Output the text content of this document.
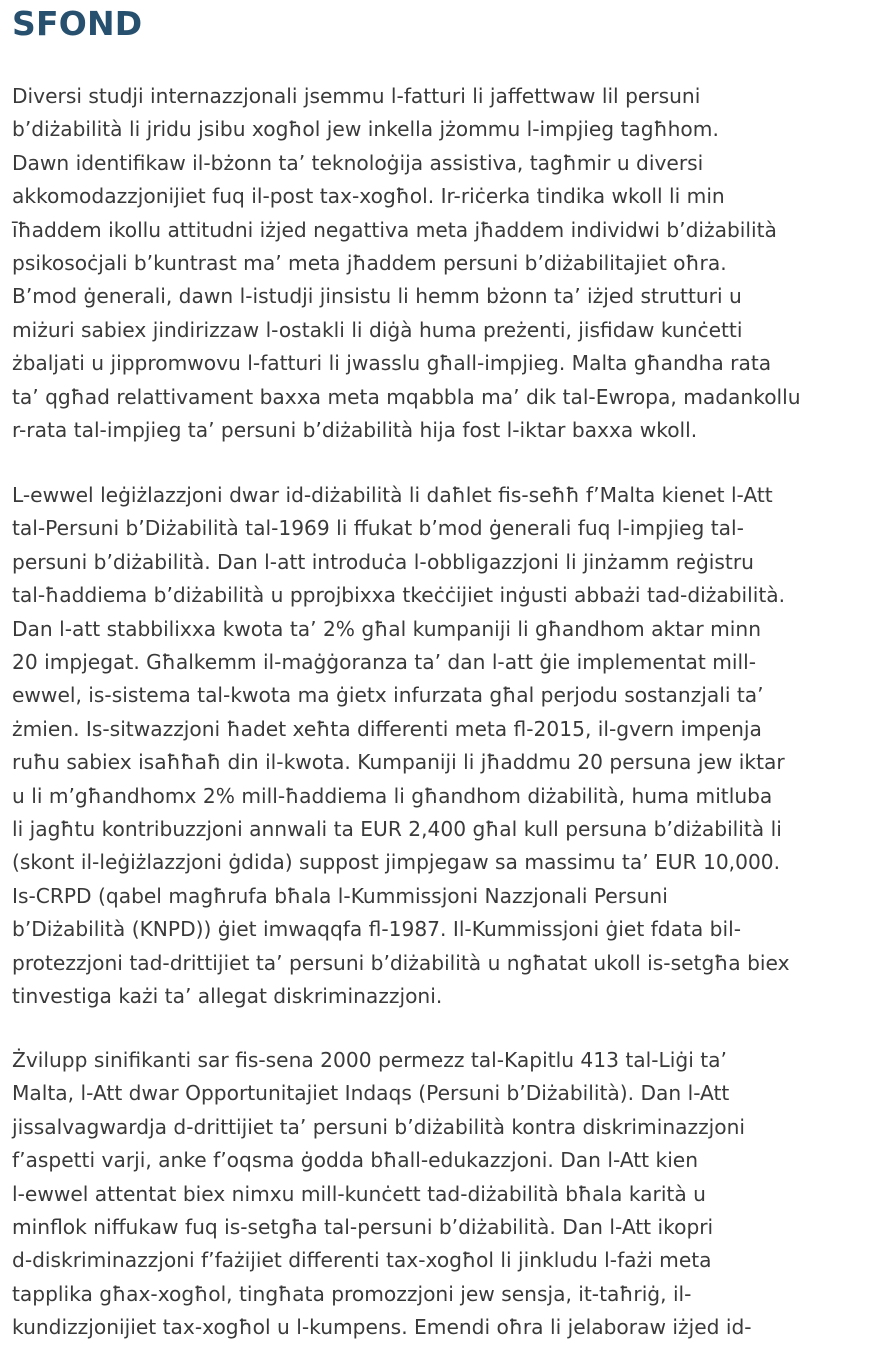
SFOND

Diversi studji internazzjonali jsemmu l-fatturi li jaffettwaw lil persuni
b’diżabilità li jridu jsibu xogħol jew inkella jżommu l-impjieg tagħhom.
Dawn identifikaw il-bżonn ta’ teknoloġija assistiva, tagħmir u diversi
akkomodazzjonijiet fuq il-post tax-xogħol. Ir-riċerka tindika wkoll li min
īħaddem ikollu attitudni iżjed negattiva meta jħaddem individwi b’diżabilità
psikosoċjali b’kuntrast ma’ meta jħaddem persuni b’diżabilitajiet oħra.
B’mod ġenerali, dawn l-istudji jinsistu li hemm bżonn ta’ iżjed strutturi u
miżuri sabiex jindirizzaw l-ostakli li diġà huma preżenti, jisfidaw kunċetti
żbaljati u jippromwovu l-fatturi li jwasslu għall-impjieg. Malta għandha rata
ta’ qgħad relattivament baxxa meta mqabbla ma’ dik tal-Ewropa, madankollu
r-rata tal-impjieg ta’ persuni b’diżabilità hija fost l-iktar baxxa wkoll.

L-ewwel leġiżlazzjoni dwar id-diżabilità li daħlet fis-seħħ f’Malta kienet l-Att
tal-Persuni b’Diżabilità tal-1969 li ffukat b’mod ġenerali fuq l-impjieg tal-
persuni b’diżabilità. Dan l-att introduċa l-obbligazzjoni li jinżamm reġistru
tal-ħaddiema b’diżabilità u pprojbixxa tkeċċijiet inġusti abbażi tad-diżabilità.
Dan l-att stabbilixxa kwota ta’ 2% għal kumpaniji li għandhom aktar minn
20 impjegat. Għalkemm il-maġġoranza ta’ dan l-att ġie implementat mill-
ewwel, is-sistema tal-kwota ma ġietx infurzata għal perjodu sostanzjali ta’
żmien. Is-sitwazzjoni ħadet xeħta differenti meta fl-2015, il-gvern impenja
ruħu sabiex isaħħaħ din il-kwota. Kumpaniji li jħaddmu 20 persuna jew iktar
u li m’għandhomx 2% mill-ħaddiema li għandhom diżabilità, huma mitluba
li jagħtu kontribuzzjoni annwali ta EUR 2,400 għal kull persuna b’diżabilità li
(skont il-leġiżlazzjoni ġdida) suppost jimpjegaw sa massimu ta’ EUR 10,000.
Is-CRPD (qabel magħrufa bħala l-Kummissjoni Nazzjonali Persuni
b’Diżabilità (KNPD)) ġiet imwaqqfa fl-1987. Il-Kummissjoni ġiet fdata bil-
protezzjoni tad-drittijiet ta’ persuni b’diżabilità u ngħatat ukoll is-setgħa biex
tinvestiga każi ta’ allegat diskriminazzjoni.

Żvilupp sinifikanti sar fis-sena 2000 permezz tal-Kapitlu 413 tal-Liġi ta’
Malta, l-Att dwar Opportunitajiet Indaqs (Persuni b’Diżabilità). Dan l-Att
jissalvagwardja d-drittijiet ta’ persuni b’diżabilità kontra diskriminazzjoni
f’aspetti varji, anke f’oqsma ġodda bħall-edukazzjoni. Dan l-Att kien
l-ewwel attentat biex nimxu mill-kunċett tad-diżabilità bħala karità u
minflok niffukaw fuq is-setgħa tal-persuni b’diżabilità. Dan l-Att ikopri
d-diskriminazzjoni f’fażijiet differenti tax-xogħol li jinkludu l-fażi meta
tapplika għax-xogħol, tingħata promozzjoni jew sensja, it-taħriġ, il-
kundizzjonijiet tax-xogħol u l-kumpens. Emendi oħra li jelaboraw iżjed id-
